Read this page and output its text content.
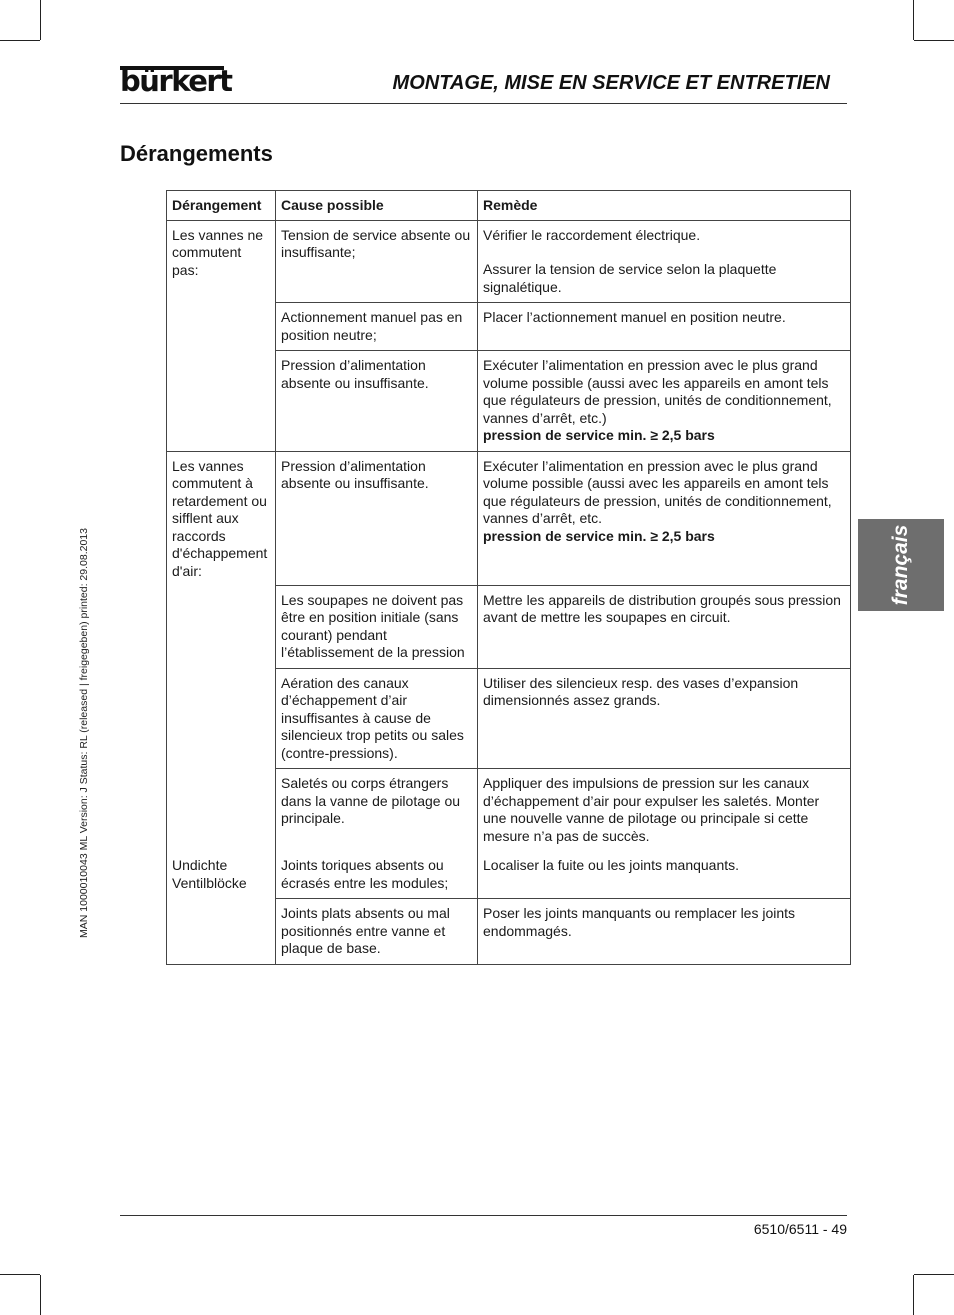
bürkert	MONTAGE, MISE EN SERVICE ET ENTRETIEN
Dérangements
français
MAN 1000010043 ML Version: J Status: RL (released | freigegeben) printed: 29.08.2013
Dérangement	Cause possible	Remède
Les vannes ne commutent pas:	Tension de service absente ou insuffisante;	Vérifier le raccordement électrique.
Assurer la tension de service selon la plaquette signalétique.

	Actionnement manuel pas en position neutre;	Placer l’actionnement manuel en position neutre.
	Pression d’alimentation absente ou insuffisante.	Exécuter l’alimentation en pression avec le plus grand volume possible (aussi avec les appareils en amont tels que régulateurs de pression, unités de conditionnement, vannes d’arrêt, etc.)
pression de service min. ≥ 2,5 bars

Les vannes commutent à retardement ou sifflent aux raccords d'échappement d'air:	Pression d’alimentation absente ou insuffisante.	Exécuter l’alimentation en pression avec le plus grand volume possible (aussi avec les appareils en amont tels que régulateurs de pression, unités de conditionnement, vannes d’arrêt, etc.
pression de service min. ≥ 2,5 bars

	Les soupapes ne doivent pas être en position initiale (sans courant) pendant l’établissement de la pression	Mettre les appareils de distribution groupés sous pression avant de mettre les soupapes en circuit.
	Aération des canaux d’échappement d’air insuffisantes à cause de silencieux trop petits ou sales (contre-pressions).	Utiliser des silencieux resp. des vases d’expansion dimensionnés assez grands.
	Saletés ou corps étrangers dans la vanne de pilotage ou principale.	Appliquer des impulsions de pression sur les canaux d’échappement d’air pour expulser les saletés. Monter une nouvelle vanne de pilotage ou principale si cette mesure n’a pas de succès.
Undichte Ventilblöcke	Joints toriques absents ou écrasés entre les modules;	Localiser la fuite ou les joints manquants.
	Joints plats absents ou mal positionnés entre vanne et plaque de base.	Poser les joints manquants ou remplacer les joints endommagés.
6510/6511 - 49
